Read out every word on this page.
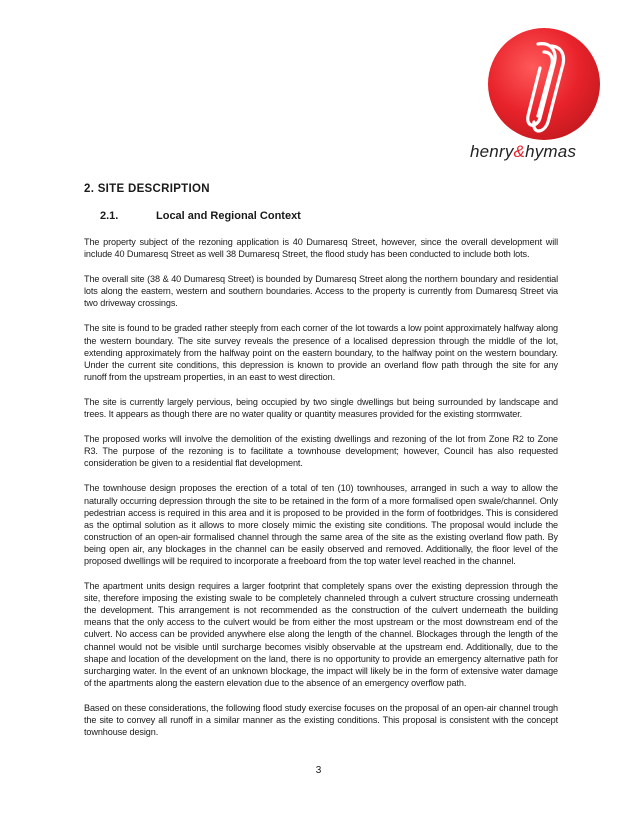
henry&hymas
2. SITE DESCRIPTION
2.1.	Local and Regional Context

The property subject of the rezoning application is 40 Dumaresq Street, however, since the overall development will include 40 Dumaresq Street as well 38 Dumaresq Street, the flood study has been conducted to include both lots.

The overall site (38 & 40 Dumaresq Street) is bounded by Dumaresq Street along the northern boundary and residential lots along the eastern, western and southern boundaries. Access to the property is currently from Dumaresq Street via two driveway crossings.

The site is found to be graded rather steeply from each corner of the lot towards a low point approximately halfway along the western boundary. The site survey reveals the presence of a localised depression through the middle of the lot, extending approximately from the halfway point on the eastern boundary, to the halfway point on the western boundary. Under the current site conditions, this depression is known to provide an overland flow path through the site for any runoff from the upstream properties, in an east to west direction.

The site is currently largely pervious, being occupied by two single dwellings but being surrounded by landscape and trees. It appears as though there are no water quality or quantity measures provided for the existing stormwater.

The proposed works will involve the demolition of the existing dwellings and rezoning of the lot from Zone R2 to Zone R3. The purpose of the rezoning is to facilitate a townhouse development; however, Council has also requested consideration be given to a residential flat development.

The townhouse design proposes the erection of a total of ten (10) townhouses, arranged in such a way to allow the naturally occurring depression through the site to be retained in the form of a more formalised open swale/channel. Only pedestrian access is required in this area and it is proposed to be provided in the form of footbridges. This is considered as the optimal solution as it allows to more closely mimic the existing site conditions. The proposal would include the construction of an open-air formalised channel through the same area of the site as the existing overland flow path. By being open air, any blockages in the channel can be easily observed and removed. Additionally, the floor level of the proposed dwellings will be required to incorporate a freeboard from the top water level reached in the channel.

The apartment units design requires a larger footprint that completely spans over the existing depression through the site, therefore imposing the existing swale to be completely channeled through a culvert structure crossing underneath the development. This arrangement is not recommended as the construction of the culvert underneath the building means that the only access to the culvert would be from either the most upstream or the most downstream end of the culvert. No access can be provided anywhere else along the length of the channel. Blockages through the length of the channel would not be visible until surcharge becomes visibly observable at the upstream end. Additionally, due to the shape and location of the development on the land, there is no opportunity to provide an emergency alternative path for surcharging water. In the event of an unknown blockage, the impact will likely be in the form of extensive water damage of the apartments along the eastern elevation due to the absence of an emergency overflow path.

Based on these considerations, the following flood study exercise focuses on the proposal of an open-air channel trough the site to convey all runoff in a similar manner as the existing conditions. This proposal is consistent with the concept townhouse design.

3
